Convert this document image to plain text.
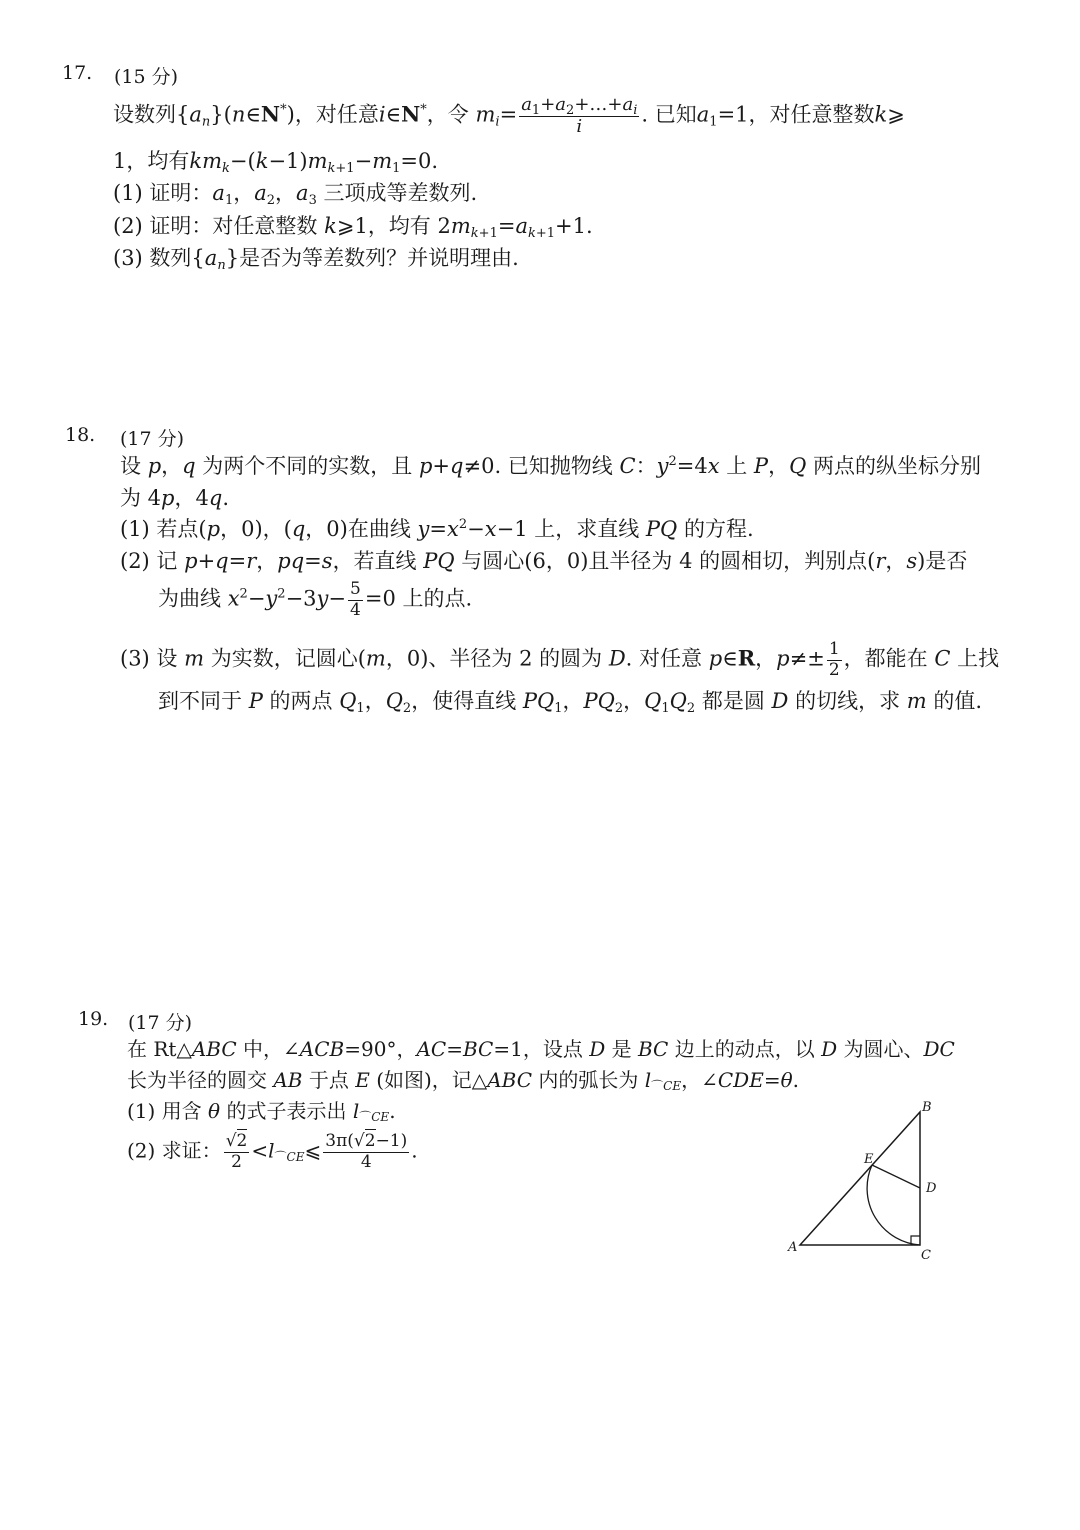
17. (15 分)
设数列$\{a_n\}(n\in N^*)$，对任意i∈N*，令 $m_i= \frac{a_1+a_2+\dots+a_i}{i}$ . 已知$a_1=1$，对任意整数k⩾
1，均有$km_k-(k-1)m_{k+1}-m_1=0$.
(1) 证明：$a_1$，$a_2$，$a_3$ 三项成等差数列.
(2) 证明：对任意整数 k⩾1，均有 $2m_{k+1}=a_{k+1}+1$.
(3) 数列$\{a_n\}$是否为等差数列？并说明理由.
18. (17 分)
设 p，q 为两个不同的实数，且 p+q≠0. 已知抛物线 C：$y^2=4x$ 上 P，Q 两点的纵坐标分别
为 4p，4q.
(1) 若点(p，0)，(q，0)在曲线 $y=x^2-x-1$ 上，求直线 PQ 的方程.
(2) 记 p+q=r，pq=s，若直线 PQ 与圆心(6，0)且半径为 4 的圆相切，判别点(r，s)是否
为曲线 $x^2-y^2-3y- \frac{5}{4} =0$ 上的点.
(3) 设 m 为实数，记圆心(m，0)、半径为 2 的圆为 D. 对任意 p∈R，$p\ne\pm \frac{1}{2}$ ，都能在 C 上找
到不同于 P 的两点 $Q_1$，$Q_2$，使得直线 $PQ_1$，$PQ_2$，$Q_1Q_2$ 都是圆 D 的切线，求 m 的值.
19. (17 分)
在 Rt△ABC 中，∠ACB=90°，AC=BC=1，设点 D 是 BC 边上的动点，以 D 为圆心、DC
长为半径的圆交 AB 于点 E (如图)，记△ABC 内的弧长为 l⌒CE，∠CDE=θ.
(1) 用含 θ 的式子表示出 l⌒CE.
(2) 求证： $\frac{√2}{2}$ <l⌒CE⩽ $\frac{3\pi(√2-1)}{4}$ .
B
E
D
A
C
